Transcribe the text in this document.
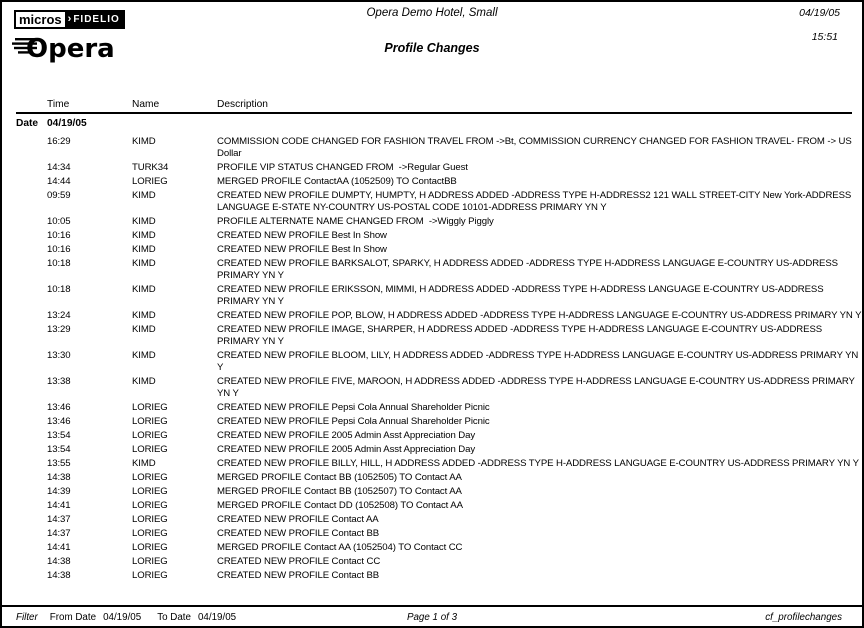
micros › FIDELIO
Opera
Opera Demo Hotel, Small
Profile Changes
04/19/05
15:51
Time	Name	Description
Date 04/19/05
16:29	KIMD	COMMISSION CODE CHANGED FOR FASHION TRAVEL FROM ->Bt, COMMISSION CURRENCY CHANGED FOR FASHION TRAVEL- FROM -> US Dollar
14:34	TURK34	PROFILE VIP STATUS CHANGED FROM  ->Regular Guest
14:44	LORIEG	MERGED PROFILE ContactAA (1052509) TO ContactBB
09:59	KIMD	CREATED NEW PROFILE DUMPTY, HUMPTY, H ADDRESS ADDED -ADDRESS TYPE H-ADDRESS2 121 WALL STREET-CITY New York-ADDRESS LANGUAGE E-STATE NY-COUNTRY US-POSTAL CODE 10101-ADDRESS PRIMARY YN Y
10:05	KIMD	PROFILE ALTERNATE NAME CHANGED FROM  ->Wiggly Piggly
10:16	KIMD	CREATED NEW PROFILE Best In Show
10:16	KIMD	CREATED NEW PROFILE Best In Show
10:18	KIMD	CREATED NEW PROFILE BARKSALOT, SPARKY, H ADDRESS ADDED -ADDRESS TYPE H-ADDRESS LANGUAGE E-COUNTRY US-ADDRESS PRIMARY YN Y
10:18	KIMD	CREATED NEW PROFILE ERIKSSON, MIMMI, H ADDRESS ADDED -ADDRESS TYPE H-ADDRESS LANGUAGE E-COUNTRY US-ADDRESS PRIMARY YN Y
13:24	KIMD	CREATED NEW PROFILE POP, BLOW, H ADDRESS ADDED -ADDRESS TYPE H-ADDRESS LANGUAGE E-COUNTRY US-ADDRESS PRIMARY YN Y
13:29	KIMD	CREATED NEW PROFILE IMAGE, SHARPER, H ADDRESS ADDED -ADDRESS TYPE H-ADDRESS LANGUAGE E-COUNTRY US-ADDRESS PRIMARY YN Y
13:30	KIMD	CREATED NEW PROFILE BLOOM, LILY, H ADDRESS ADDED -ADDRESS TYPE H-ADDRESS LANGUAGE E-COUNTRY US-ADDRESS PRIMARY YN Y
13:38	KIMD	CREATED NEW PROFILE FIVE, MAROON, H ADDRESS ADDED -ADDRESS TYPE H-ADDRESS LANGUAGE E-COUNTRY US-ADDRESS PRIMARY YN Y
13:46	LORIEG	CREATED NEW PROFILE Pepsi Cola Annual Shareholder Picnic
13:46	LORIEG	CREATED NEW PROFILE Pepsi Cola Annual Shareholder Picnic
13:54	LORIEG	CREATED NEW PROFILE 2005 Admin Asst Appreciation Day
13:54	LORIEG	CREATED NEW PROFILE 2005 Admin Asst Appreciation Day
13:55	KIMD	CREATED NEW PROFILE BILLY, HILL, H ADDRESS ADDED -ADDRESS TYPE H-ADDRESS LANGUAGE E-COUNTRY US-ADDRESS PRIMARY YN Y
14:38	LORIEG	MERGED PROFILE Contact BB (1052505) TO Contact AA
14:39	LORIEG	MERGED PROFILE Contact BB (1052507) TO Contact AA
14:41	LORIEG	MERGED PROFILE Contact DD (1052508) TO Contact AA
14:37	LORIEG	CREATED NEW PROFILE Contact AA
14:37	LORIEG	CREATED NEW PROFILE Contact BB
14:41	LORIEG	MERGED PROFILE Contact AA (1052504) TO Contact CC
14:38	LORIEG	CREATED NEW PROFILE Contact CC
14:38	LORIEG	CREATED NEW PROFILE Contact BB
Filter From Date 04/19/05 To Date 04/19/05	Page 1 of 3	cf_profilechanges
